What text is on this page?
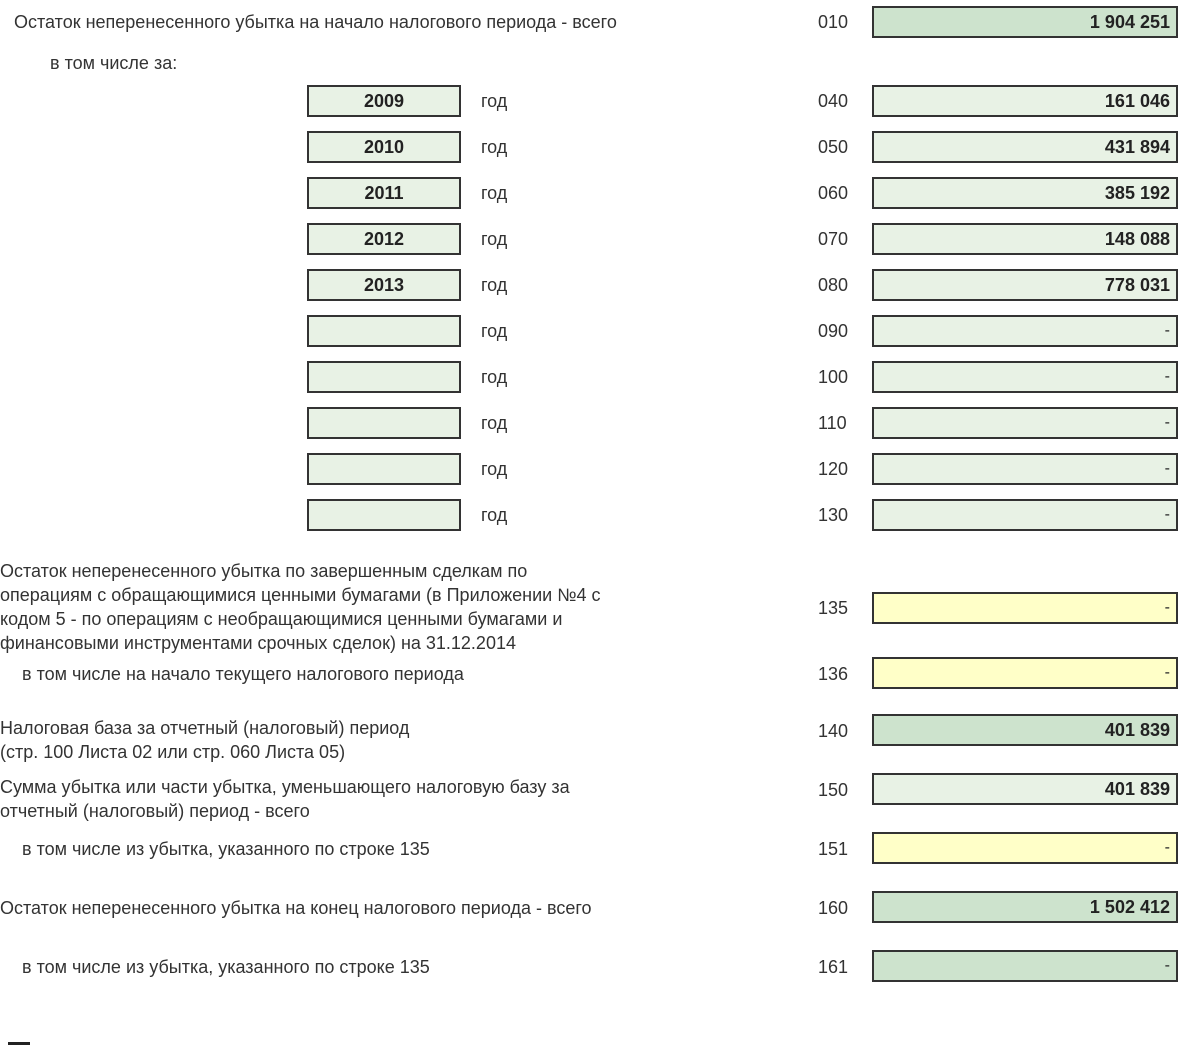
Остаток неперенесенного убытка на начало налогового периода - всего	010	1 904 251
в том числе за:
2009	год	040	161 046
2010	год	050	431 894
2011	год	060	385 192
2012	год	070	148 088
2013	год	080	778 031
год	090	-
год	100	-
год	110	-
год	120	-
год	130	-
Остаток неперенесенного убытка по завершенным сделкам по
операциям с обращающимися ценными бумагами (в Приложении №4 с
кодом 5 - по операциям с необращающимися ценными бумагами и
финансовыми инструментами срочных сделок) на 31.12.2014
135	-
в том числе на начало текущего налогового периода	136	-
Налоговая база за отчетный (налоговый) период
(стр. 100 Листа 02 или стр. 060 Листа 05)
140	401 839
Сумма убытка или части убытка, уменьшающего налоговую базу за
отчетный (налоговый) период - всего
150	401 839
в том числе из убытка, указанного по строке 135	151	-
Остаток неперенесенного убытка на конец налогового периода - всего	160	1 502 412
в том числе из убытка, указанного по строке 135	161	-
